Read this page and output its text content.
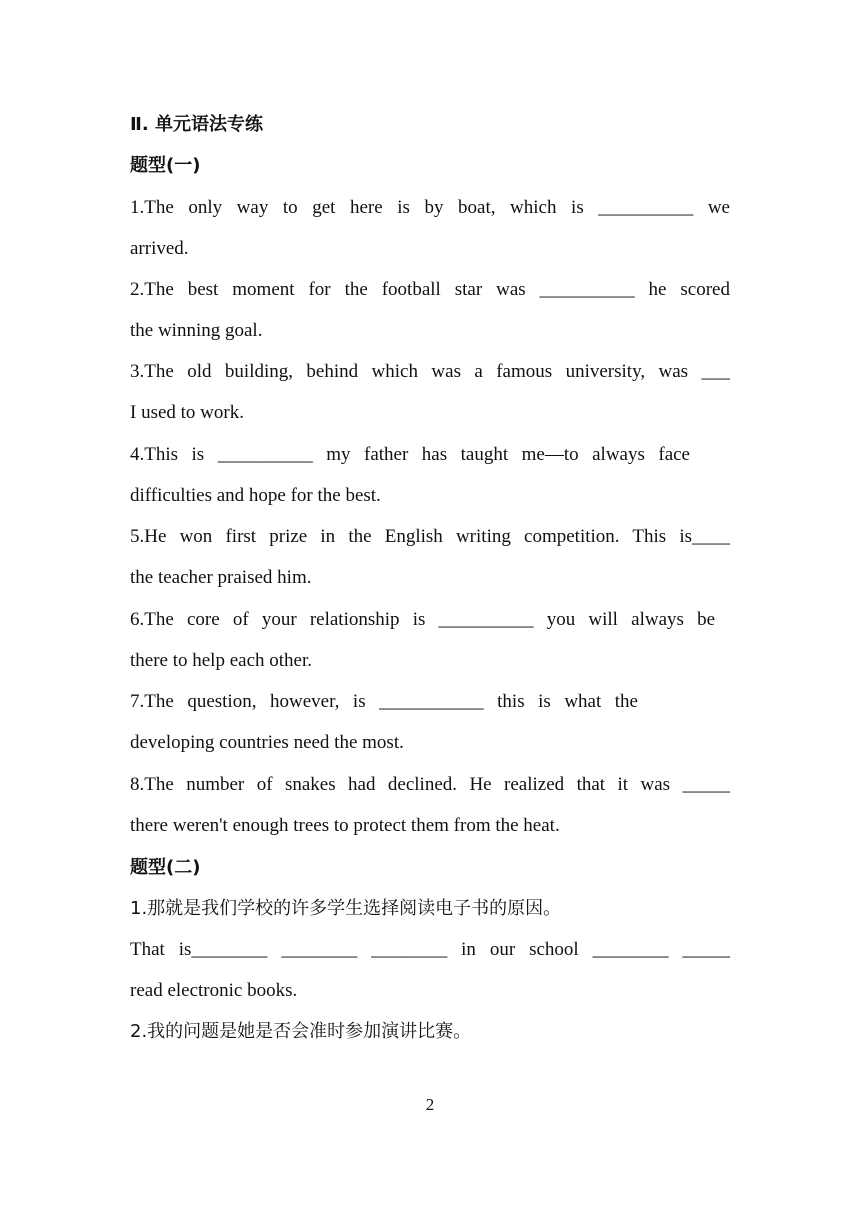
Ⅱ. 单元语法专练

题型(一)

1.The only way to get here is by boat, which is __________ we

arrived.

2.The best moment for the football star was __________ he scored

the winning goal.

3.The old building, behind which was a famous university, was ___

I used to work.

4.This is __________ my father has taught me—to always face

difficulties and hope for the best.

5.He won first prize in the English writing competition. This is____

the teacher praised him.

6.The core of your relationship is __________ you will always be

there to help each other.

7.The question, however, is ___________ this is what the

developing countries need the most.

8.The number of snakes had declined. He realized that it was _____

there weren't enough trees to protect them from the heat.

题型(二)

1.那就是我们学校的许多学生选择阅读电子书的原因。

That is________ ________ ________ in our school ________ _____

read electronic books.

2.我的问题是她是否会准时参加演讲比赛。

2
